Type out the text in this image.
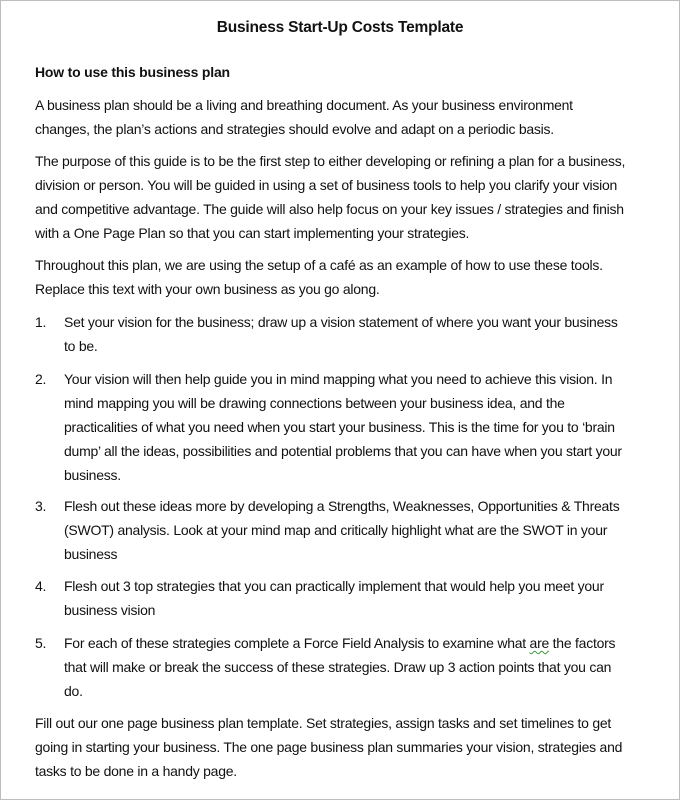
Business Start-Up Costs Template
How to use this business plan
A business plan should be a living and breathing document. As your business environment
changes, the plan’s actions and strategies should evolve and adapt on a periodic basis.
The purpose of this guide is to be the first step to either developing or refining a plan for a business,
division or person. You will be guided in using a set of business tools to help you clarify your vision
and competitive advantage. The guide will also help focus on your key issues / strategies and finish
with a One Page Plan so that you can start implementing your strategies.
Throughout this plan, we are using the setup of a café as an example of how to use these tools.
Replace this text with your own business as you go along.
1. Set your vision for the business; draw up a vision statement of where you want your business
to be.
2. Your vision will then help guide you in mind mapping what you need to achieve this vision. In
mind mapping you will be drawing connections between your business idea, and the
practicalities of what you need when you start your business. This is the time for you to ‘brain
dump’ all the ideas, possibilities and potential problems that you can have when you start your
business.
3. Flesh out these ideas more by developing a Strengths, Weaknesses, Opportunities & Threats
(SWOT) analysis. Look at your mind map and critically highlight what are the SWOT in your
business
4. Flesh out 3 top strategies that you can practically implement that would help you meet your
business vision
5. For each of these strategies complete a Force Field Analysis to examine what are the factors
that will make or break the success of these strategies. Draw up 3 action points that you can
do.
Fill out our one page business plan template. Set strategies, assign tasks and set timelines to get
going in starting your business. The one page business plan summaries your vision, strategies and
tasks to be done in a handy page.
